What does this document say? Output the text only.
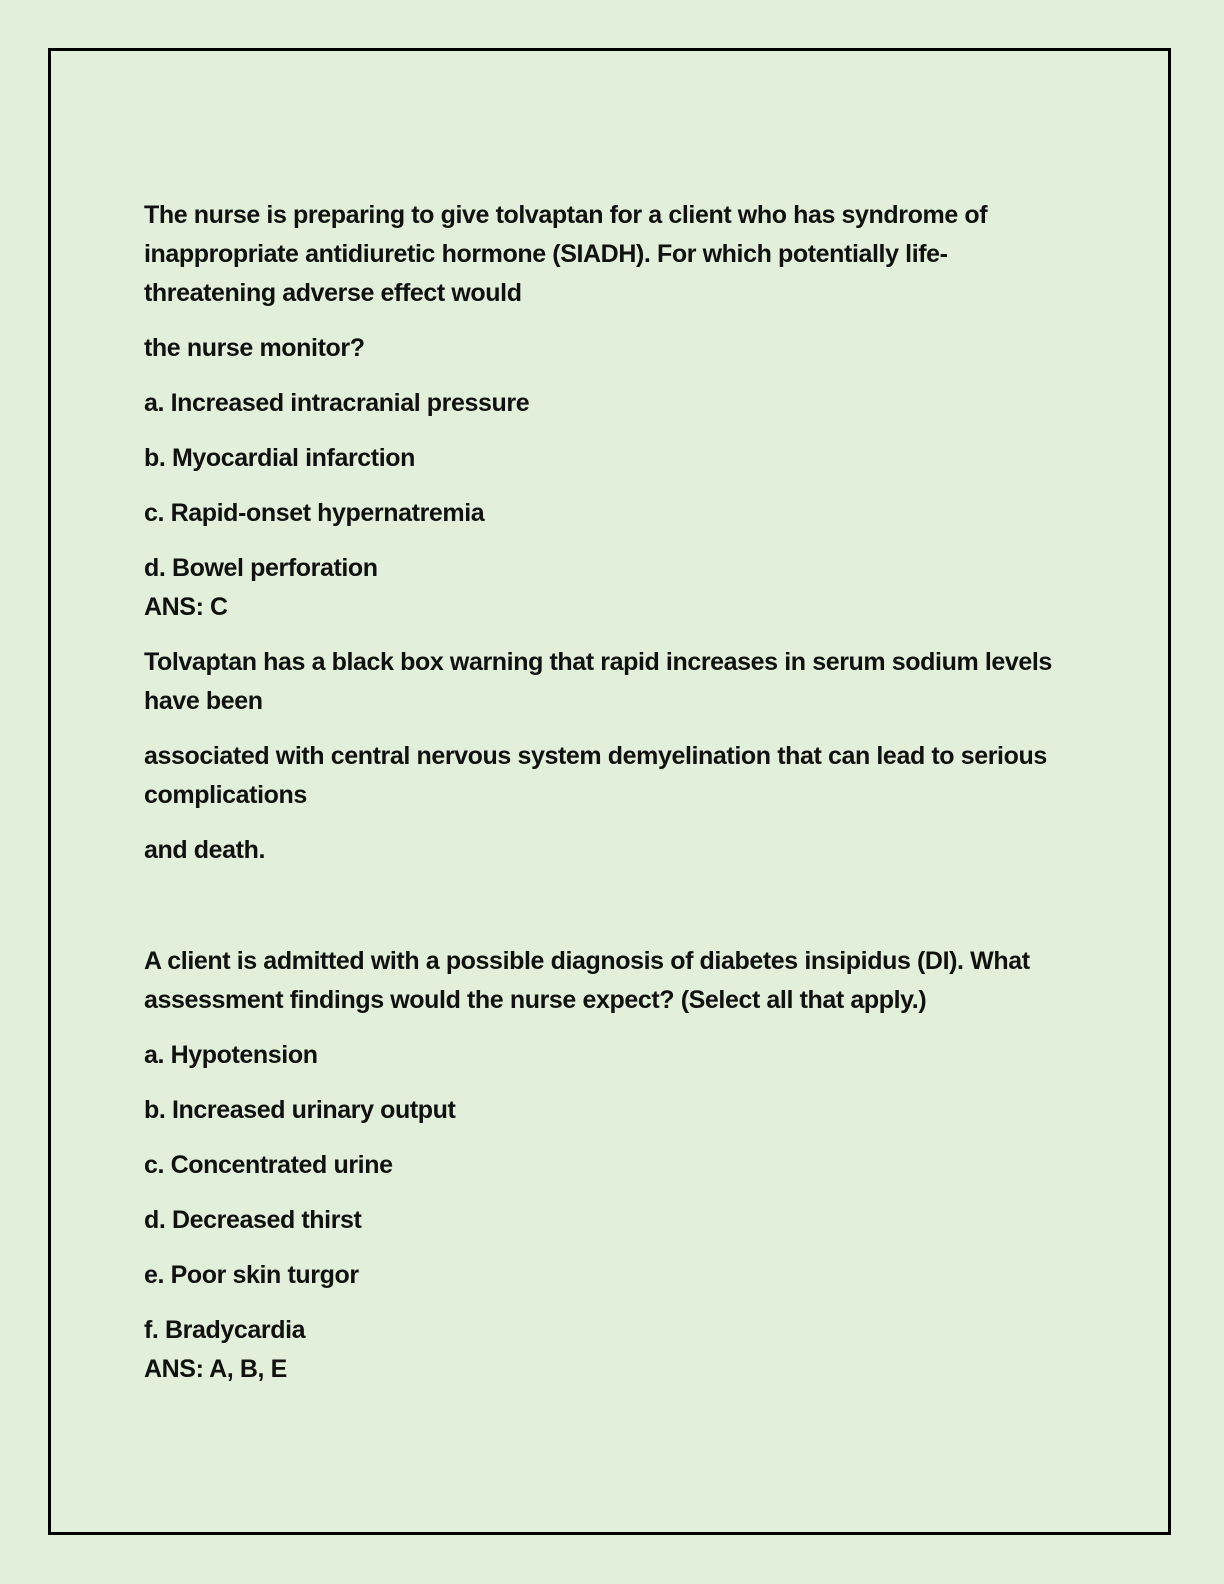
The nurse is preparing to give tolvaptan for a client who has syndrome of inappropriate antidiuretic hormone (SIADH). For which potentially life-threatening adverse effect would

the nurse monitor?

a. Increased intracranial pressure

b. Myocardial infarction

c. Rapid-onset hypernatremia

d. Bowel perforation

ANS: C

Tolvaptan has a black box warning that rapid increases in serum sodium levels have been

associated with central nervous system demyelination that can lead to serious complications

and death.

A client is admitted with a possible diagnosis of diabetes insipidus (DI). What assessment findings would the nurse expect? (Select all that apply.)

a. Hypotension

b. Increased urinary output

c. Concentrated urine

d. Decreased thirst

e. Poor skin turgor

f. Bradycardia

ANS: A, B, E
